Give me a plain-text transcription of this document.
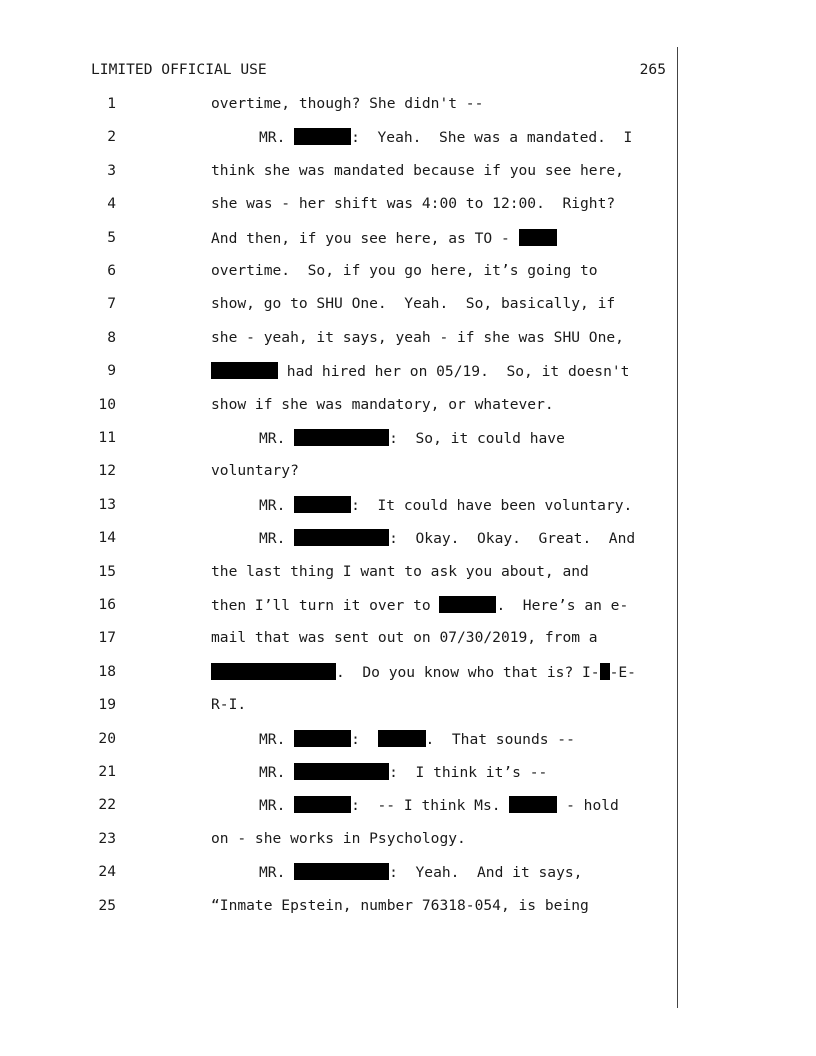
LIMITED OFFICIAL USE	265
1	overtime, though? She didn't --
2	MR.	:  Yeah.  She was a mandated.  I
3	think she was mandated because if you see here,
4	she was - her shift was 4:00 to 12:00.  Right?
5	And then, if you see here, as TO -
6	overtime.  So, if you go here, it’s going to
7	show, go to SHU One.  Yeah.  So, basically, if
8	she - yeah, it says, yeah - if she was SHU One,
9	had hired her on 05/19.  So, it doesn't
10	show if she was mandatory, or whatever.
11	MR.	:  So, it could have
12	voluntary?
13	MR.	:  It could have been voluntary.
14	MR.	:  Okay.  Okay.  Great.  And
15	the last thing I want to ask you about, and
16	then I’ll turn it over to	.  Here’s an e-
17	mail that was sent out on 07/30/2019, from a
18	.  Do you know who that is? I- -E-
19	R-I.
20	MR.	:	.  That sounds --
21	MR.	:  I think it’s --
22	MR.	:  -- I think Ms.	- hold
23	on - she works in Psychology.
24	MR.	:  Yeah.  And it says,
25	“Inmate Epstein, number 76318-054, is being
